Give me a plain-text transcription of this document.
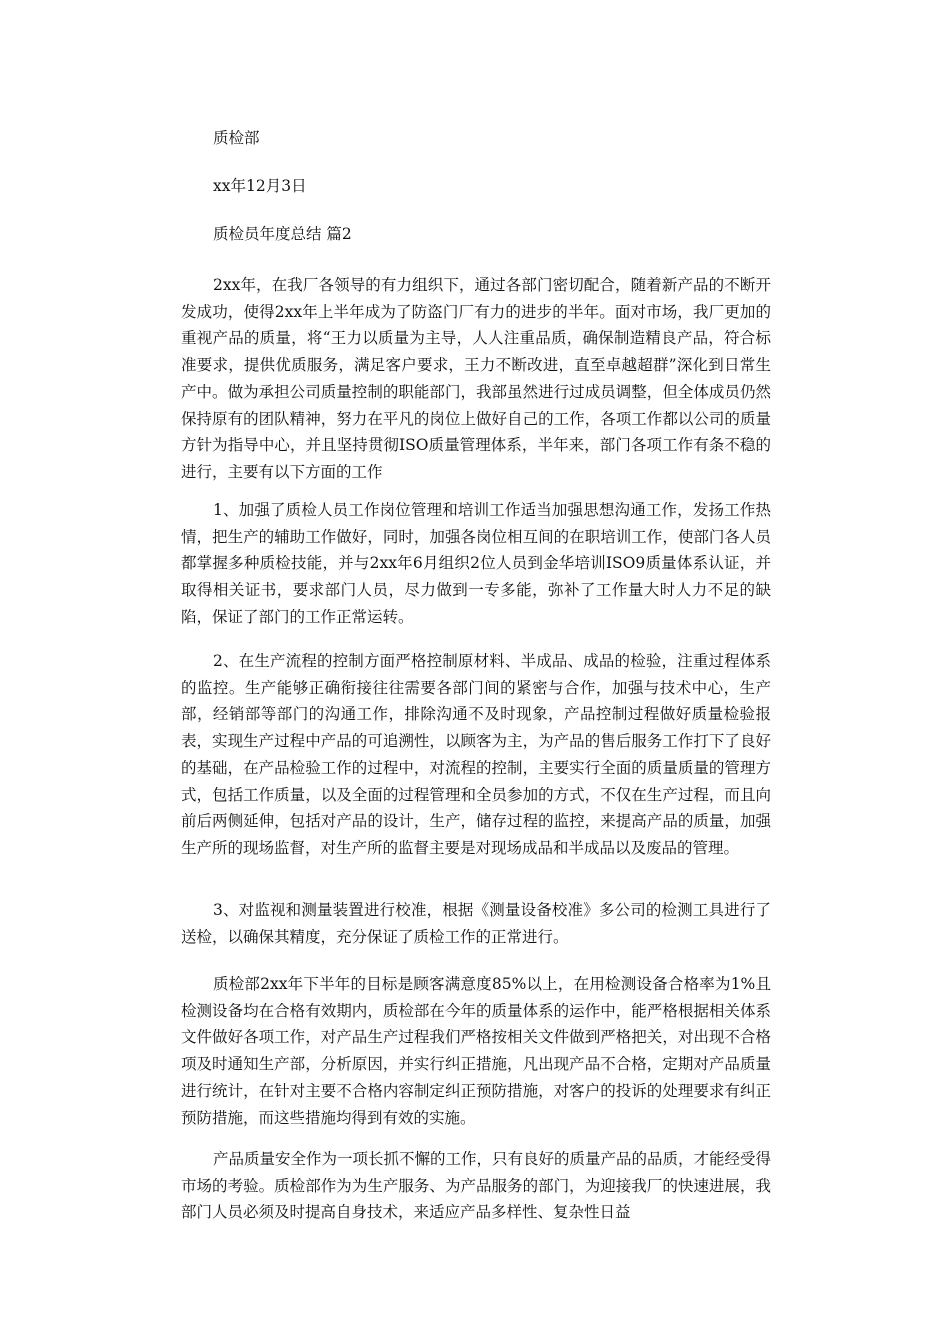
质检部
xx年12月3日
质检员年度总结 篇2

2xx年，在我厂各领导的有力组织下，通过各部门密切配合，随着新产品的不断开发成功，使得2xx年上半年成为了防盗门厂有力的进步的半年。面对市场，我厂更加的重视产品的质量，将“王力以质量为主导，人人注重品质，确保制造精良产品，符合标准要求，提供优质服务，满足客户要求，王力不断改进，直至卓越超群”深化到日常生产中。做为承担公司质量控制的职能部门，我部虽然进行过成员调整，但全体成员仍然保持原有的团队精神，努力在平凡的岗位上做好自己的工作，各项工作都以公司的质量方针为指导中心，并且坚持贯彻ISO质量管理体系，半年来，部门各项工作有条不稳的进行，主要有以下方面的工作

1、加强了质检人员工作岗位管理和培训工作适当加强思想沟通工作，发扬工作热情，把生产的辅助工作做好，同时，加强各岗位相互间的在职培训工作，使部门各人员都掌握多种质检技能，并与2xx年6月组织2位人员到金华培训ISO9质量体系认证，并取得相关证书，要求部门人员，尽力做到一专多能，弥补了工作量大时人力不足的缺陷，保证了部门的工作正常运转。

2、在生产流程的控制方面严格控制原材料、半成品、成品的检验，注重过程体系的监控。生产能够正确衔接往往需要各部门间的紧密与合作，加强与技术中心，生产部，经销部等部门的沟通工作，排除沟通不及时现象，产品控制过程做好质量检验报表，实现生产过程中产品的可追溯性，以顾客为主，为产品的售后服务工作打下了良好的基础，在产品检验工作的过程中，对流程的控制，主要实行全面的质量质量的管理方式，包括工作质量，以及全面的过程管理和全员参加的方式，不仅在生产过程，而且向前后两侧延伸，包括对产品的设计，生产，储存过程的监控，来提高产品的质量，加强生产所的现场监督，对生产所的监督主要是对现场成品和半成品以及废品的管理。

3、对监视和测量装置进行校准，根据《测量设备校准》多公司的检测工具进行了送检，以确保其精度，充分保证了质检工作的正常进行。

质检部2xx年下半年的目标是顾客满意度85%以上，在用检测设备合格率为1%且检测设备均在合格有效期内，质检部在今年的质量体系的运作中，能严格根据相关体系文件做好各项工作，对产品生产过程我们严格按相关文件做到严格把关，对出现不合格项及时通知生产部，分析原因，并实行纠正措施，凡出现产品不合格，定期对产品质量进行统计，在针对主要不合格内容制定纠正预防措施，对客户的投诉的处理要求有纠正预防措施，而这些措施均得到有效的实施。

产品质量安全作为一项长抓不懈的工作，只有良好的质量产品的品质，才能经受得市场的考验。质检部作为为生产服务、为产品服务的部门，为迎接我厂的快速进展，我部门人员必须及时提高自身技术，来适应产品多样性、复杂性日益
